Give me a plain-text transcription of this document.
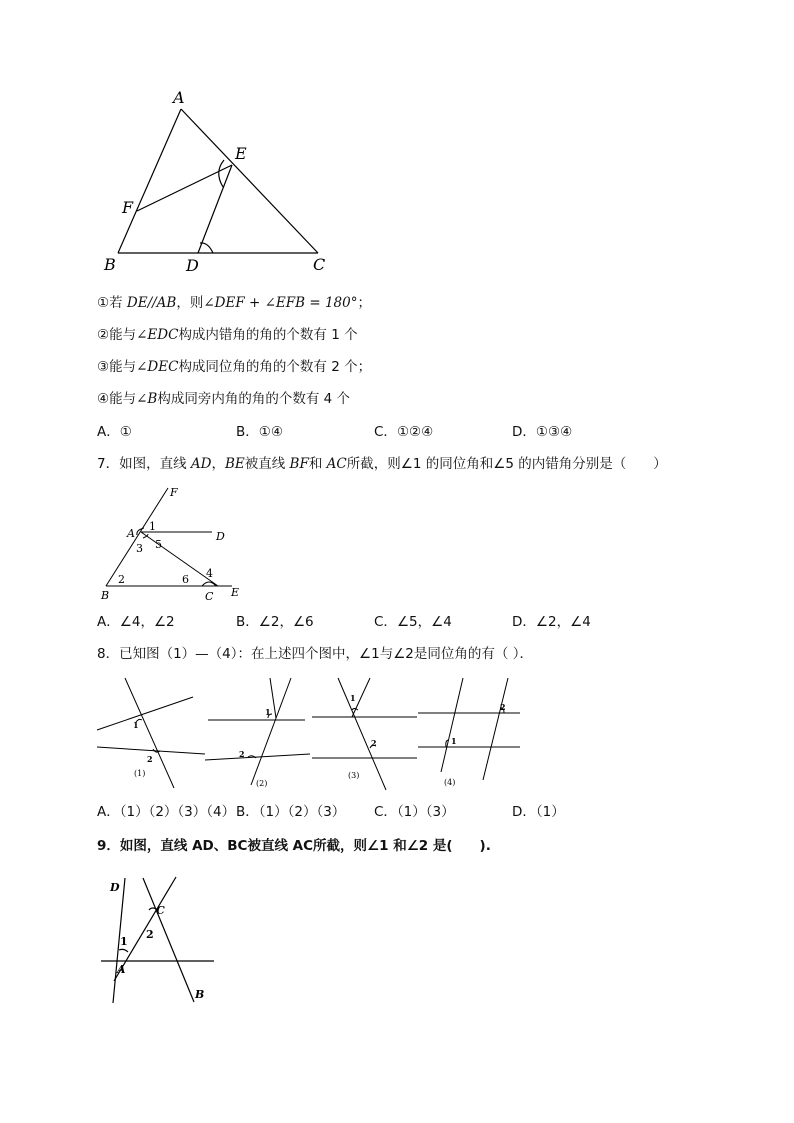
A
E
F
B	D	C
①若 DE//AB，则∠DEF + ∠EFB = 180°；
②能与∠EDC构成内错角的角的个数有 1 个
③能与∠DEC构成同位角的角的个数有 2 个；
④能与∠B构成同旁内角的角的个数有 4 个
A．①	B．①④	C．①②④	D．①③④
7．如图，直线 AD，BE被直线 BF和 AC所截，则∠1 的同位角和∠5 的内错角分别是（　　）
F
A	D
B	C E
1
3 5
2	6 4
A．∠4，∠2	B．∠2，∠6	C．∠5，∠4	D．∠2，∠4
8．已知图（1）—（4）：在上述四个图中，∠1与∠2是同位角的有（ ）．
1
2
(1)
1
2
(2)
1
2
(3)
1
2
(4)
A．（1）（2）（3）（4） B．（1）（2）（3） C．（1）（3）	D．（1）
9．如图，直线 AD、BC被直线 AC所截，则∠1 和∠2 是(　　).
D
C
A
B
1
2
